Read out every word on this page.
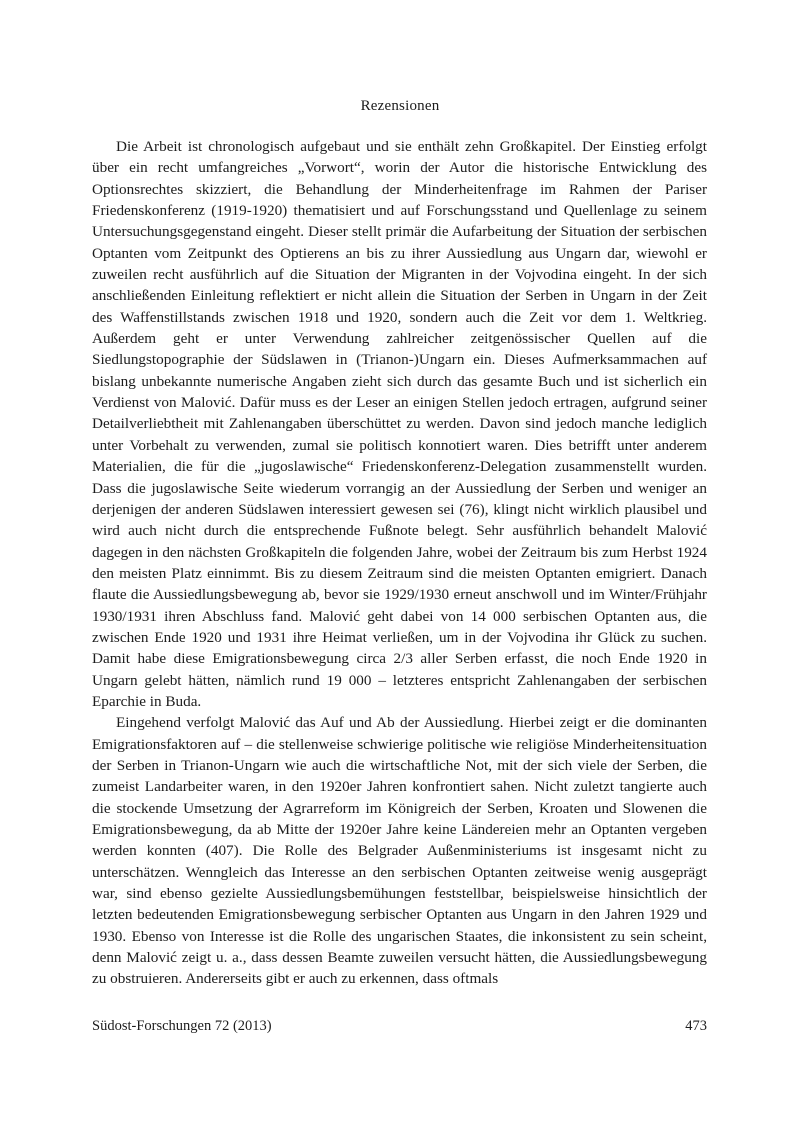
Rezensionen

Die Arbeit ist chronologisch aufgebaut und sie enthält zehn Großkapitel. Der Einstieg erfolgt über ein recht umfangreiches „Vorwort“, worin der Autor die historische Entwicklung des Optionsrechtes skizziert, die Behandlung der Minderheitenfrage im Rahmen der Pariser Friedenskonferenz (1919-1920) thematisiert und auf Forschungsstand und Quellenlage zu seinem Untersuchungsgegenstand eingeht. Dieser stellt primär die Aufarbeitung der Situation der serbischen Optanten vom Zeitpunkt des Optierens an bis zu ihrer Aussiedlung aus Ungarn dar, wiewohl er zuweilen recht ausführlich auf die Situation der Migranten in der Vojvodina eingeht. In der sich anschließenden Einleitung reflektiert er nicht allein die Situation der Serben in Ungarn in der Zeit des Waffenstillstands zwischen 1918 und 1920, sondern auch die Zeit vor dem 1. Weltkrieg. Außerdem geht er unter Verwendung zahlreicher zeitgenössischer Quellen auf die Siedlungstopographie der Südslawen in (Trianon-)Ungarn ein. Dieses Aufmerksammachen auf bislang unbekannte numerische Angaben zieht sich durch das gesamte Buch und ist sicherlich ein Verdienst von Malović. Dafür muss es der Leser an einigen Stellen jedoch ertragen, aufgrund seiner Detailverliebtheit mit Zahlenangaben überschüttet zu werden. Davon sind jedoch manche lediglich unter Vorbehalt zu verwenden, zumal sie politisch konnotiert waren. Dies betrifft unter anderem Materialien, die für die „jugoslawische“ Friedenskonferenz-Delegation zusammenstellt wurden. Dass die jugoslawische Seite wiederum vorrangig an der Aussiedlung der Serben und weniger an derjenigen der anderen Südslawen interessiert gewesen sei (76), klingt nicht wirklich plausibel und wird auch nicht durch die entsprechende Fußnote belegt. Sehr ausführlich behandelt Malović dagegen in den nächsten Großkapiteln die folgenden Jahre, wobei der Zeitraum bis zum Herbst 1924 den meisten Platz einnimmt. Bis zu diesem Zeitraum sind die meisten Optanten emigriert. Danach flaute die Aussiedlungsbewegung ab, bevor sie 1929/1930 erneut anschwoll und im Winter/Frühjahr 1930/1931 ihren Abschluss fand. Malović geht dabei von 14 000 serbischen Optanten aus, die zwischen Ende 1920 und 1931 ihre Heimat verließen, um in der Vojvodina ihr Glück zu suchen. Damit habe diese Emigrationsbewegung circa 2/3 aller Serben erfasst, die noch Ende 1920 in Ungarn gelebt hätten, nämlich rund 19 000 – letzteres entspricht Zahlenangaben der serbischen Eparchie in Buda.

Eingehend verfolgt Malović das Auf und Ab der Aussiedlung. Hierbei zeigt er die dominanten Emigrationsfaktoren auf – die stellenweise schwierige politische wie religiöse Minderheitensituation der Serben in Trianon-Ungarn wie auch die wirtschaftliche Not, mit der sich viele der Serben, die zumeist Landarbeiter waren, in den 1920er Jahren konfrontiert sahen. Nicht zuletzt tangierte auch die stockende Umsetzung der Agrarreform im Königreich der Serben, Kroaten und Slowenen die Emigrationsbewegung, da ab Mitte der 1920er Jahre keine Ländereien mehr an Optanten vergeben werden konnten (407). Die Rolle des Belgrader Außenministeriums ist insgesamt nicht zu unterschätzen. Wenngleich das Interesse an den serbischen Optanten zeitweise wenig ausgeprägt war, sind ebenso gezielte Aussiedlungsbemühungen feststellbar, beispielsweise hinsichtlich der letzten bedeutenden Emigrationsbewegung serbischer Optanten aus Ungarn in den Jahren 1929 und 1930. Ebenso von Interesse ist die Rolle des ungarischen Staates, die inkonsistent zu sein scheint, denn Malović zeigt u. a., dass dessen Beamte zuweilen versucht hätten, die Aussiedlungsbewegung zu obstruieren. Andererseits gibt er auch zu erkennen, dass oftmals

Südost-Forschungen 72 (2013)	473
